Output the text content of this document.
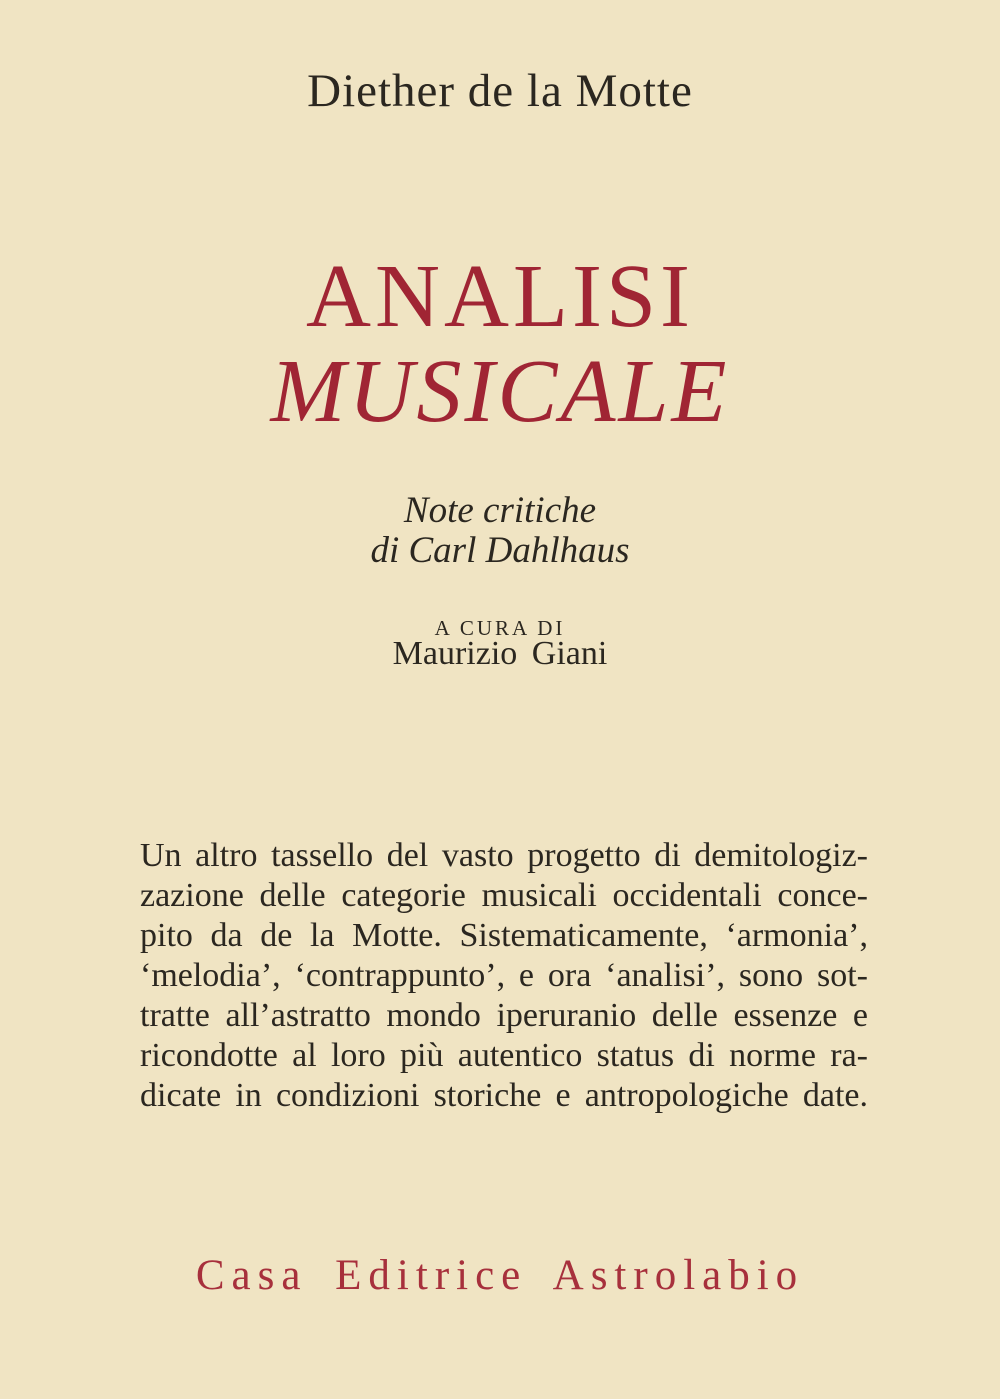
Diether de la Motte
ANALISI
MUSICALE
Note critiche
di Carl Dahlhaus
A CURA DI
Maurizio Giani
Un altro tassello del vasto progetto di demitologiz-
zazione delle categorie musicali occidentali conce-
pito da de la Motte. Sistematicamente, ‘armonia’,
‘melodia’, ‘contrappunto’, e ora ‘analisi’, sono sot-
tratte all’astratto mondo iperuranio delle essenze e
ricondotte al loro più autentico status di norme ra-
dicate in condizioni storiche e antropologiche date.
Casa Editrice Astrolabio
